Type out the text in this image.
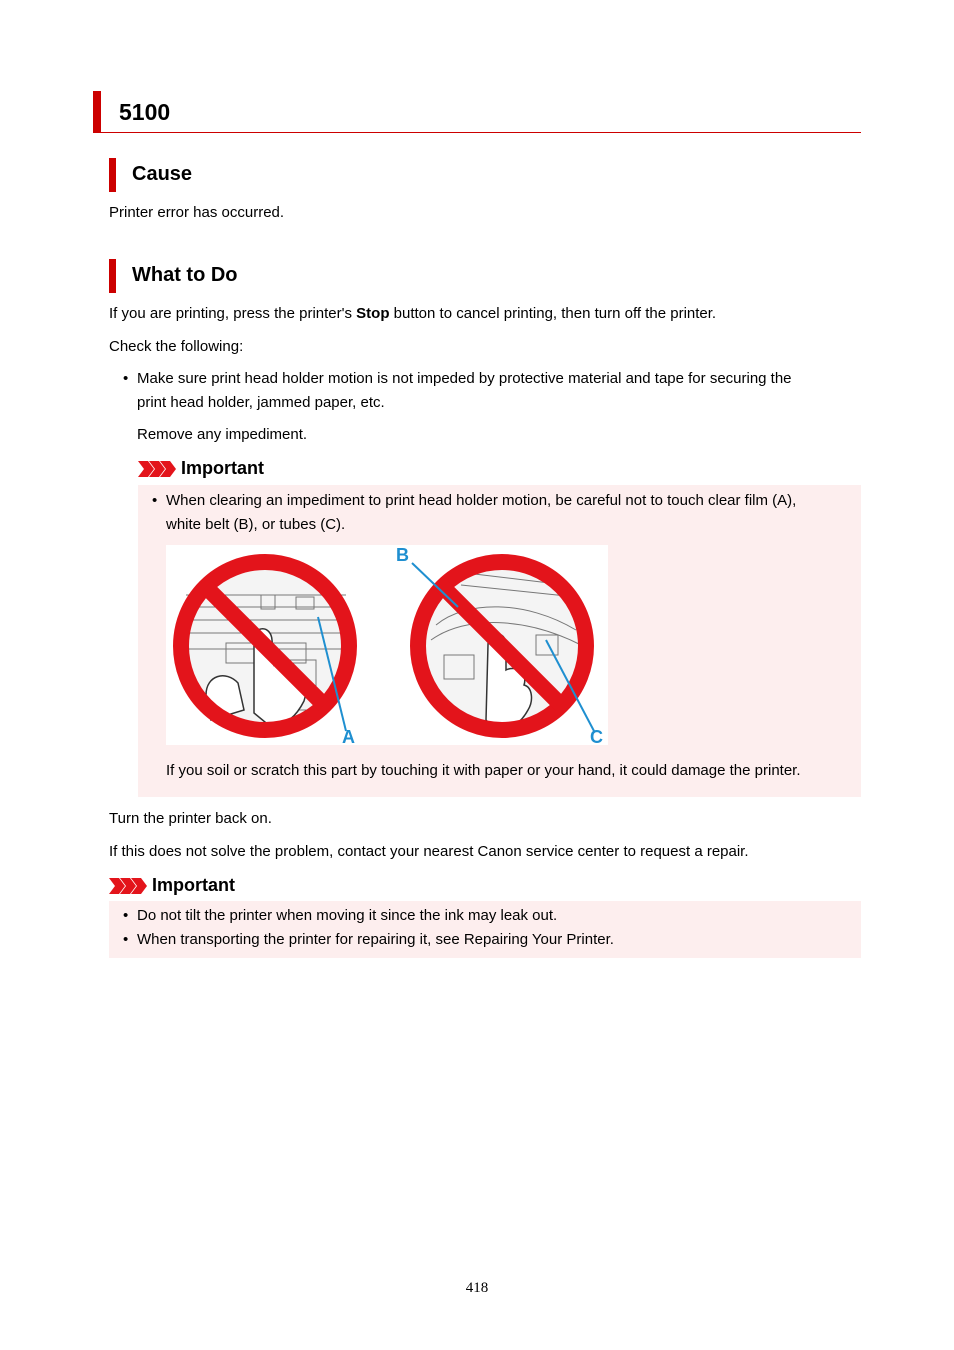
5100
Cause
Printer error has occurred.
What to Do
If you are printing, press the printer's Stop button to cancel printing, then turn off the printer.
Check the following:
• Make sure print head holder motion is not impeded by protective material and tape for securing the
print head holder, jammed paper, etc.
Remove any impediment.
Important
• When clearing an impediment to print head holder motion, be careful not to touch clear film (A),
white belt (B), or tubes (C).
A
B
C
If you soil or scratch this part by touching it with paper or your hand, it could damage the printer.
Turn the printer back on.
If this does not solve the problem, contact your nearest Canon service center to request a repair.
Important
• Do not tilt the printer when moving it since the ink may leak out.
• When transporting the printer for repairing it, see Repairing Your Printer.
418
